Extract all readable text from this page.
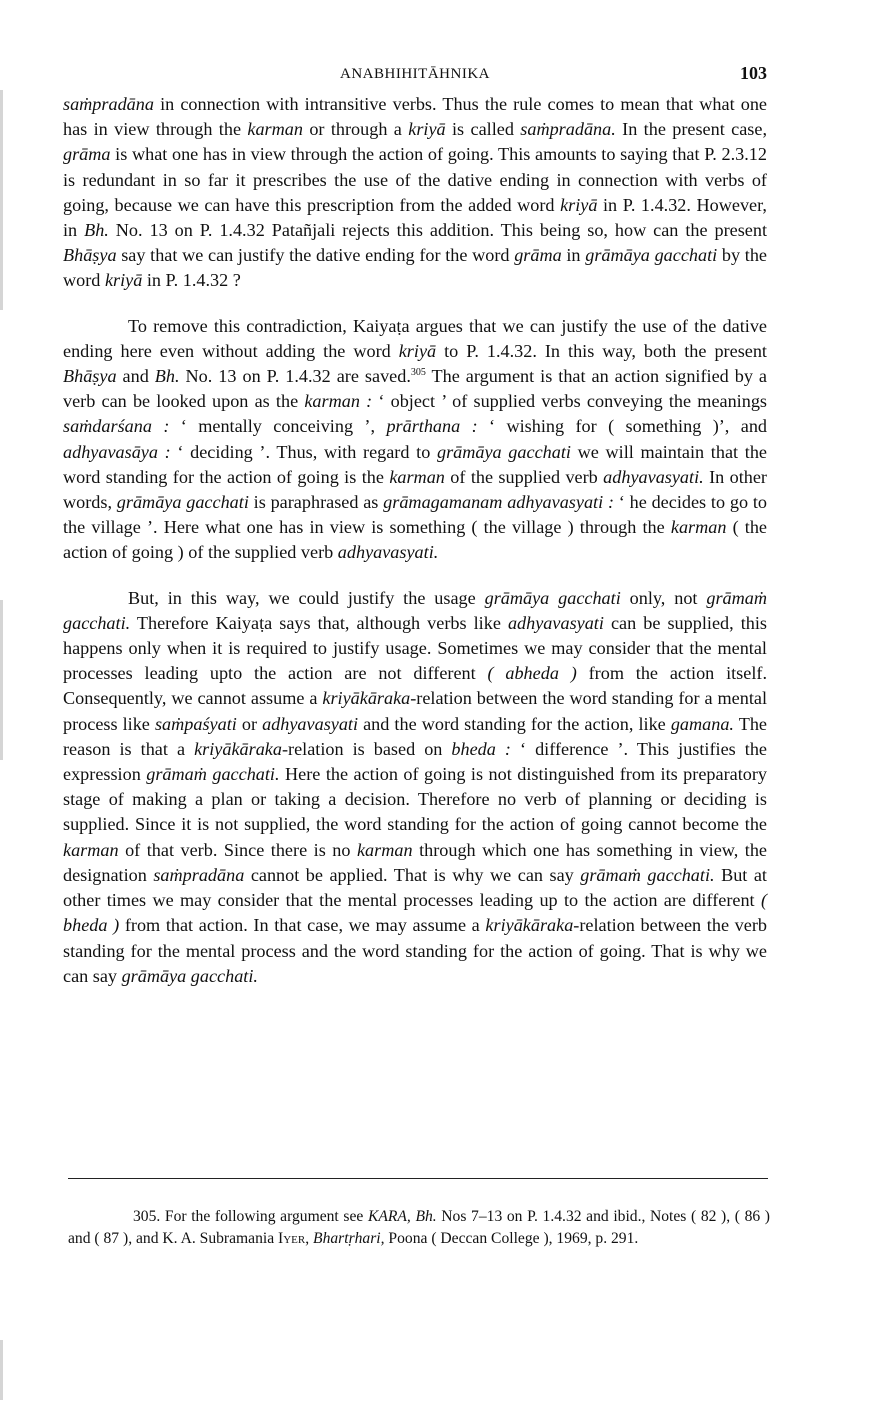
ANABHIHITĀHNIKA	103

saṁpradāna in connection with intransitive verbs. Thus the rule comes to mean that what one has in view through the karman or through a kriyā is called saṁpradāna. In the present case, grāma is what one has in view through the action of going. This amounts to saying that P. 2.3.12 is redundant in so far it prescribes the use of the dative ending in connection with verbs of going, because we can have this prescription from the added word kriyā in P. 1.4.32. However, in Bh. No. 13 on P. 1.4.32 Patañjali rejects this addition. This being so, how can the present Bhāṣya say that we can justify the dative ending for the word grāma in grāmāya gacchati by the word kriyā in P. 1.4.32 ?

To remove this contradiction, Kaiyaṭa argues that we can justify the use of the dative ending here even without adding the word kriyā to P. 1.4.32. In this way, both the present Bhāṣya and Bh. No. 13 on P. 1.4.32 are saved.$^{305}$ The argument is that an action signified by a verb can be looked upon as the karman : ‘ object ’ of supplied verbs conveying the meanings saṁdarśana : ‘ mentally conceiving ’, prārthana : ‘ wishing for ( something )’, and adhyavasāya : ‘ deciding ’. Thus, with regard to grāmāya gacchati we will maintain that the word standing for the action of going is the karman of the supplied verb adhyavasyati. In other words, grāmāya gacchati is paraphrased as grāmagamanam adhyavasyati : ‘ he decides to go to the village ’. Here what one has in view is something ( the village ) through the karman ( the action of going ) of the supplied verb adhyavasyati.

But, in this way, we could justify the usage grāmāya gacchati only, not grāmaṁ gacchati. Therefore Kaiyaṭa says that, although verbs like adhyavasyati can be supplied, this happens only when it is required to justify usage. Sometimes we may consider that the mental processes leading upto the action are not different ( abheda ) from the action itself. Consequently, we cannot assume a kriyākāraka-relation between the word standing for a mental process like saṁpaśyati or adhyavasyati and the word standing for the action, like gamana. The reason is that a kriyākāraka-relation is based on bheda : ‘ difference ’. This justifies the expression grāmaṁ gacchati. Here the action of going is not distinguished from its preparatory stage of making a plan or taking a decision. Therefore no verb of planning or deciding is supplied. Since it is not supplied, the word standing for the action of going cannot become the karman of that verb. Since there is no karman through which one has something in view, the designation saṁpradāna cannot be applied. That is why we can say grāmaṁ gacchati. But at other times we may consider that the mental processes leading up to the action are different ( bheda ) from that action. In that case, we may assume a kriyākāraka-relation between the verb standing for the mental process and the word standing for the action of going. That is why we can say grāmāya gacchati.

305. For the following argument see KARA, Bh. Nos 7–13 on P. 1.4.32 and ibid., Notes ( 82 ), ( 86 ) and ( 87 ), and K. A. Subramania Iyer, Bhartṛhari, Poona ( Deccan College ), 1969, p. 291.
